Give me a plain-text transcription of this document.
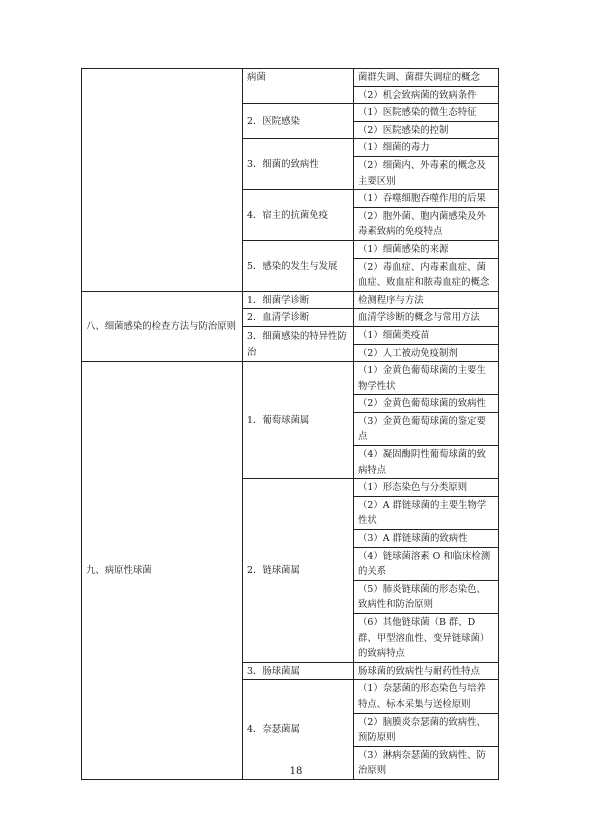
	病菌	菌群失调、菌群失调症的概念
		（2）机会致病菌的致病条件
	2．医院感染	（1）医院感染的微生态特征
		（2）医院感染的控制
	3．细菌的致病性	（1）细菌的毒力
		（2）细菌内、外毒素的概念及主要区别
	4．宿主的抗菌免疫	（1）吞噬细胞吞噬作用的后果
		（2）胞外菌、胞内菌感染及外毒素致病的免疫特点
	5．感染的发生与发展	（1）细菌感染的来源
		（2）毒血症、内毒素血症、菌血症、败血症和脓毒血症的概念
八、细菌感染的检查方法与防治原则	1．细菌学诊断	检测程序与方法
	2．血清学诊断	血清学诊断的概念与常用方法
	3．细菌感染的特异性防治	（1）细菌类疫苗
		（2）人工被动免疫制剂
九、病原性球菌	1．葡萄球菌属	（1）金黄色葡萄球菌的主要生物学性状
		（2）金黄色葡萄球菌的致病性
		（3）金黄色葡萄球菌的鉴定要点
		（4）凝固酶阴性葡萄球菌的致病特点
	2．链球菌属	（1）形态染色与分类原则
		（2）A 群链球菌的主要生物学性状
		（3）A 群链球菌的致病性
		（4）链球菌溶素 O 和临床检测的关系
		（5）肺炎链球菌的形态染色、致病性和防治原则
		（6）其他链球菌（B 群、D 群、甲型溶血性、变异链球菌）的致病特点
	3．肠球菌属	肠球菌的致病性与耐药性特点
	4．奈瑟菌属	（1）奈瑟菌的形态染色与培养特点、标本采集与送检原则
		（2）脑膜炎奈瑟菌的致病性、预防原则
		（3）淋病奈瑟菌的致病性、防治原则
18
